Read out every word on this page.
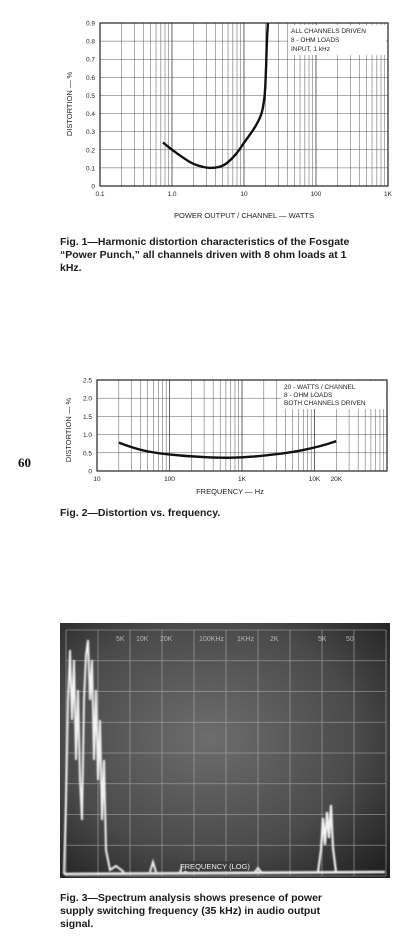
0
0.1
0.2
0.3
0.4
0.5
0.6
0.7
0.8
0.9
0.1	1.0	10	100	1K
ALL CHANNELS DRIVEN
8 - OHM LOADS
INPUT, 1 kHz
POWER OUTPUT / CHANNEL — WATTS
DISTORTION — %
0
0.5
1.0
1.5
2.0
2.5
10	100	1K	10K 20K
20 - WATTS / CHANNEL
8 - OHM LOADS
BOTH CHANNELS DRIVEN
FREQUENCY — Hz
DISTORTION — %
5K 10K 20K	100KHz 1KHz 2K	5K	50
FREQUENCY (LOG)
60
Fig. 1—Harmonic distortion characteristics of the Fosgate “Power Punch,” all channels driven with 8 ohm loads at 1 kHz.
Fig. 2—Distortion vs. frequency.
Fig. 3—Spectrum analysis shows presence of power supply switching frequency (35 kHz) in audio output signal.
